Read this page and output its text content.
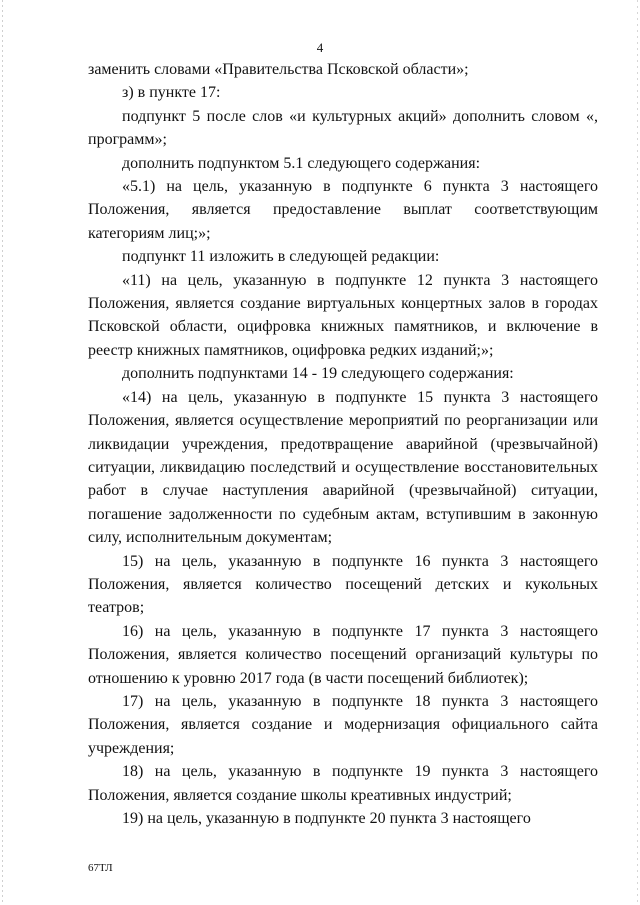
4

заменить словами «Правительства Псковской области»;

з) в пункте 17:

подпункт 5 после слов «и культурных акций» дополнить словом «, программ»;

дополнить подпунктом 5.1 следующего содержания:

«5.1) на цель, указанную в подпункте 6 пункта 3 настоящего Положения, является предоставление выплат соответствующим категориям лиц;»;

подпункт 11 изложить в следующей редакции:

«11) на цель, указанную в подпункте 12 пункта 3 настоящего Положения, является создание виртуальных концертных залов в городах Псковской области, оцифровка книжных памятников, и включение в реестр книжных памятников, оцифровка редких изданий;»;

дополнить подпунктами 14 - 19 следующего содержания:

«14) на цель, указанную в подпункте 15 пункта 3 настоящего Положения, является осуществление мероприятий по реорганизации или ликвидации учреждения, предотвращение аварийной (чрезвычайной) ситуации, ликвидацию последствий и осуществление восстановительных работ в случае наступления аварийной (чрезвычайной) ситуации, погашение задолженности по судебным актам, вступившим в законную силу, исполнительным документам;

15) на цель, указанную в подпункте 16 пункта 3 настоящего Положения, является количество посещений детских и кукольных театров;

16) на цель, указанную в подпункте 17 пункта 3 настоящего Положения, является количество посещений организаций культуры по отношению к уровню 2017 года (в части посещений библиотек);

17) на цель, указанную в подпункте 18 пункта 3 настоящего Положения, является создание и модернизация официального сайта учреждения;

18) на цель, указанную в подпункте 19 пункта 3 настоящего Положения, является создание школы креативных индустрий;

19) на цель, указанную в подпункте 20 пункта 3 настоящего

67ТЛ
